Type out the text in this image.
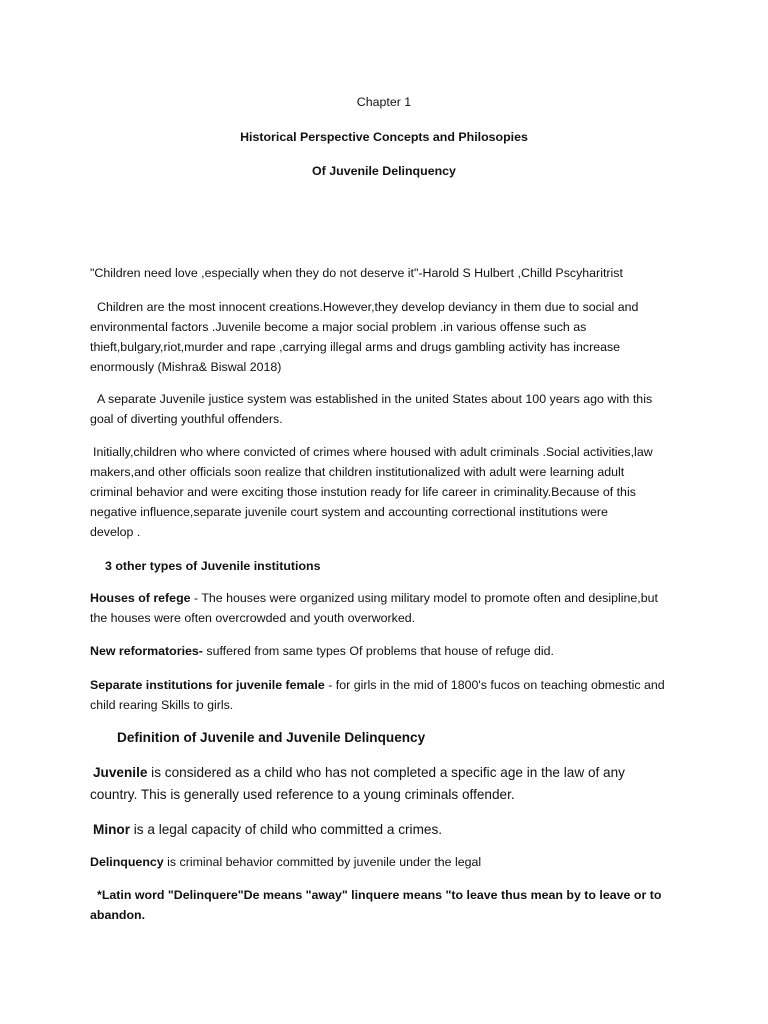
Chapter 1
Historical Perspective Concepts and Philosopies
Of Juvenile Delinquency
"Children need love ,especially when they do not deserve it"-Harold S Hulbert ,Chilld Pscyharitrist
Children are the most innocent creations.However,they develop deviancy in them due to social and
environmental factors .Juvenile become a major social problem .in various offense such as
thieft,bulgary,riot,murder and rape ,carrying illegal arms and drugs gambling activity has increase
enormously (Mishra& Biswal 2018)
A separate Juvenile justice system was established in the united States about 100 years ago with this
goal of diverting youthful offenders.
Initially,children who where convicted of crimes where housed with adult criminals .Social activities,law
makers,and other officials soon realize that children institutionalized with adult were learning adult
criminal behavior and were exciting those instution ready for life career in criminality.Because of this
negative influence,separate juvenile court system and accounting correctional institutions were
develop .
3 other types of Juvenile institutions
Houses of refege - The houses were organized using military model to promote often and desipline,but
the houses were often overcrowded and youth overworked.
New reformatories- suffered from same types Of problems that house of refuge did.
Separate institutions for juvenile female - for girls in the mid of 1800's fucos on teaching obmestic and
child rearing Skills to girls.
Definition of Juvenile and Juvenile Delinquency
Juvenile is considered as a child who has not completed a specific age in the law of any
country. This is generally used reference to a young criminals offender.
Minor is a legal capacity of child who committed a crimes.
Delinquency is criminal behavior committed by juvenile under the legal
*Latin word "Delinquere"De means "away" linquere means "to leave thus mean by to leave or to
abandon.
